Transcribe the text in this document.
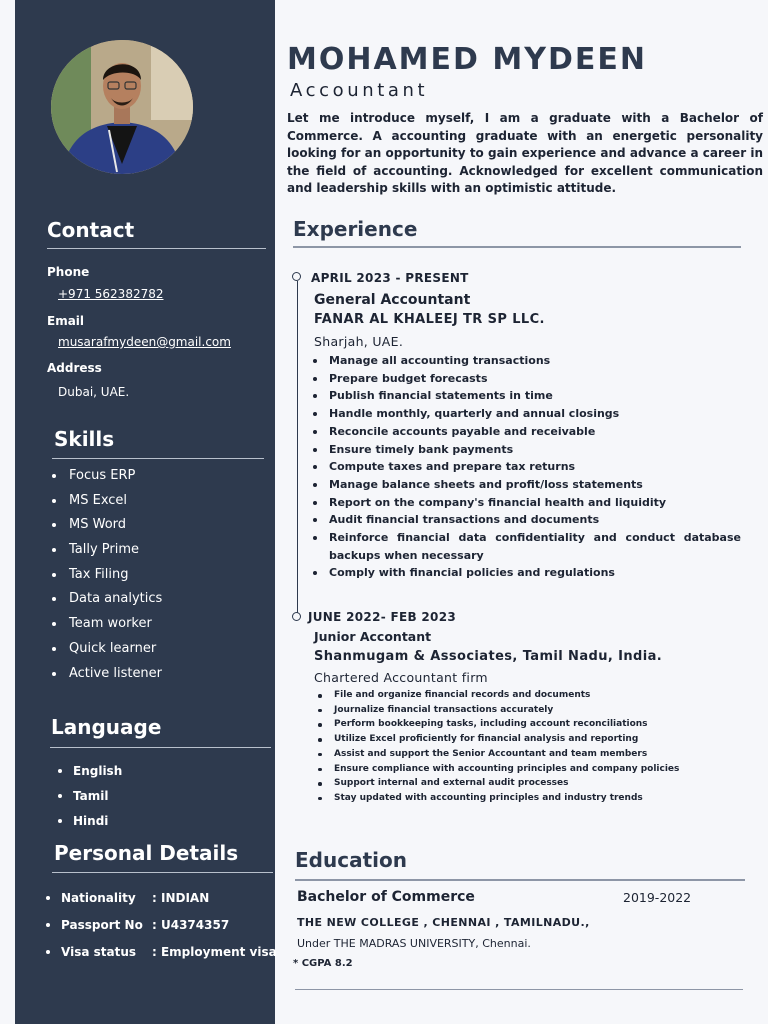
Contact
Phone
+971 562382782
Email
musarafmydeen@gmail.com
Address
Dubai, UAE.
Skills
Focus ERP
MS Excel
MS Word
Tally Prime
Tax Filing
Data analytics
Team worker
Quick learner
Active listener
Language
English
Tamil
Hindi
Personal Details
Nationality : INDIAN
Passport No : U4374357
Visa status : Employment visa
MOHAMED MYDEEN
Accountant

Let me introduce myself, I am a graduate with a Bachelor of Commerce. A accounting graduate with an energetic personality looking for an opportunity to gain experience and advance a career in the field of accounting. Acknowledged for excellent communication and leadership skills with an optimistic attitude.

Experience
APRIL 2023 - PRESENT
General Accountant
FANAR AL KHALEEJ TR SP LLC.
Sharjah, UAE.
Manage all accounting transactions
Prepare budget forecasts
Publish financial statements in time
Handle monthly, quarterly and annual closings
Reconcile accounts payable and receivable
Ensure timely bank payments
Compute taxes and prepare tax returns
Manage balance sheets and profit/loss statements
Report on the company's financial health and liquidity
Audit financial transactions and documents
Reinforce financial data confidentiality and conduct database backups when necessary
Comply with financial policies and regulations
JUNE 2022- FEB 2023
Junior Accontant
Shanmugam & Associates, Tamil Nadu, India.
Chartered Accountant firm
File and organize financial records and documents
Journalize financial transactions accurately
Perform bookkeeping tasks, including account reconciliations
Utilize Excel proficiently for financial analysis and reporting
Assist and support the Senior Accountant and team members
Ensure compliance with accounting principles and company policies
Support internal and external audit processes
Stay updated with accounting principles and industry trends
Education
Bachelor of Commerce	2019-2022
THE NEW COLLEGE , CHENNAI , TAMILNADU.,
Under THE MADRAS UNIVERSITY, Chennai.
* CGPA 8.2
